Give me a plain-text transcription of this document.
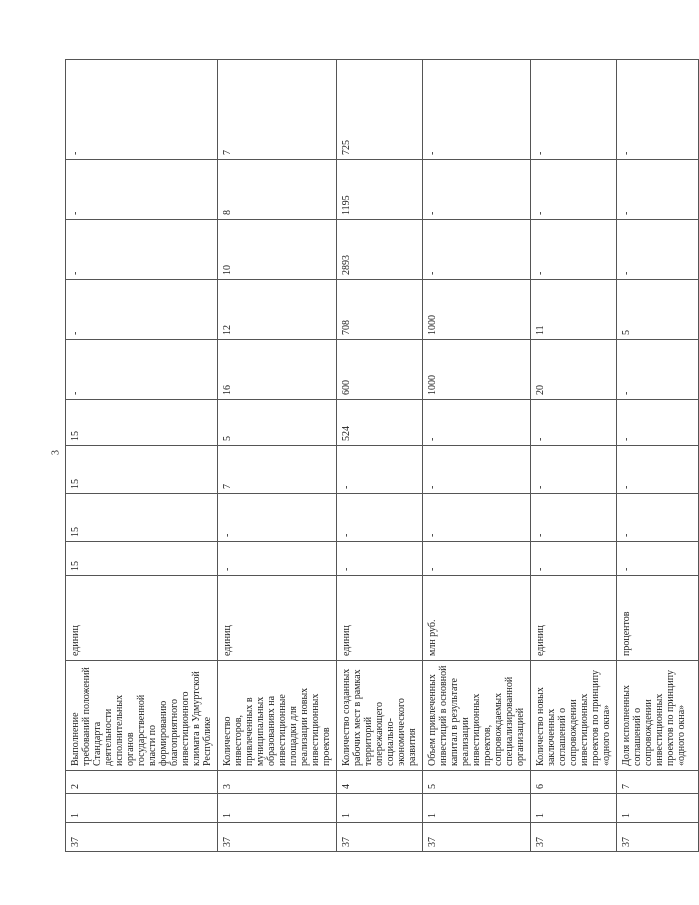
3
37	1	2	Выполнение требований положений Стандарта деятельности исполнительных органов государственной власти по формированию благоприятного инвестиционного климата в Удмуртской Республике	единиц	15	15	15	15	-	-	-	-	-
37	1	3	Количество инвесторов, привлеченных в муниципальных образованиях на инвестиционные площадки для реализации новых инвестиционных проектов	единиц	-	-	7	5	16	12	10	8	7
37	1	4	Количество созданных рабочих мест в рамках территорий опережающего социально-экономического развития	единиц	-	-	-	524	600	708	2893	1195	725
37	1	5	Объем привлеченных инвестиций в основной капитал в результате реализации инвестиционных проектов, сопровождаемых специализированной организацией	млн руб.	-	-	-	-	1000	1000	-	-	-
37	1	6	Количество новых заключенных соглашений о сопровождении инвестиционных проектов по принципу «одного окна»	единиц	-	-	-	-	20	11	-	-	-
37	1	7	Доля исполненных соглашений о сопровождении инвестиционных проектов по принципу «одного окна»	процентов	-	-	-	-	-	5	-	-	-
